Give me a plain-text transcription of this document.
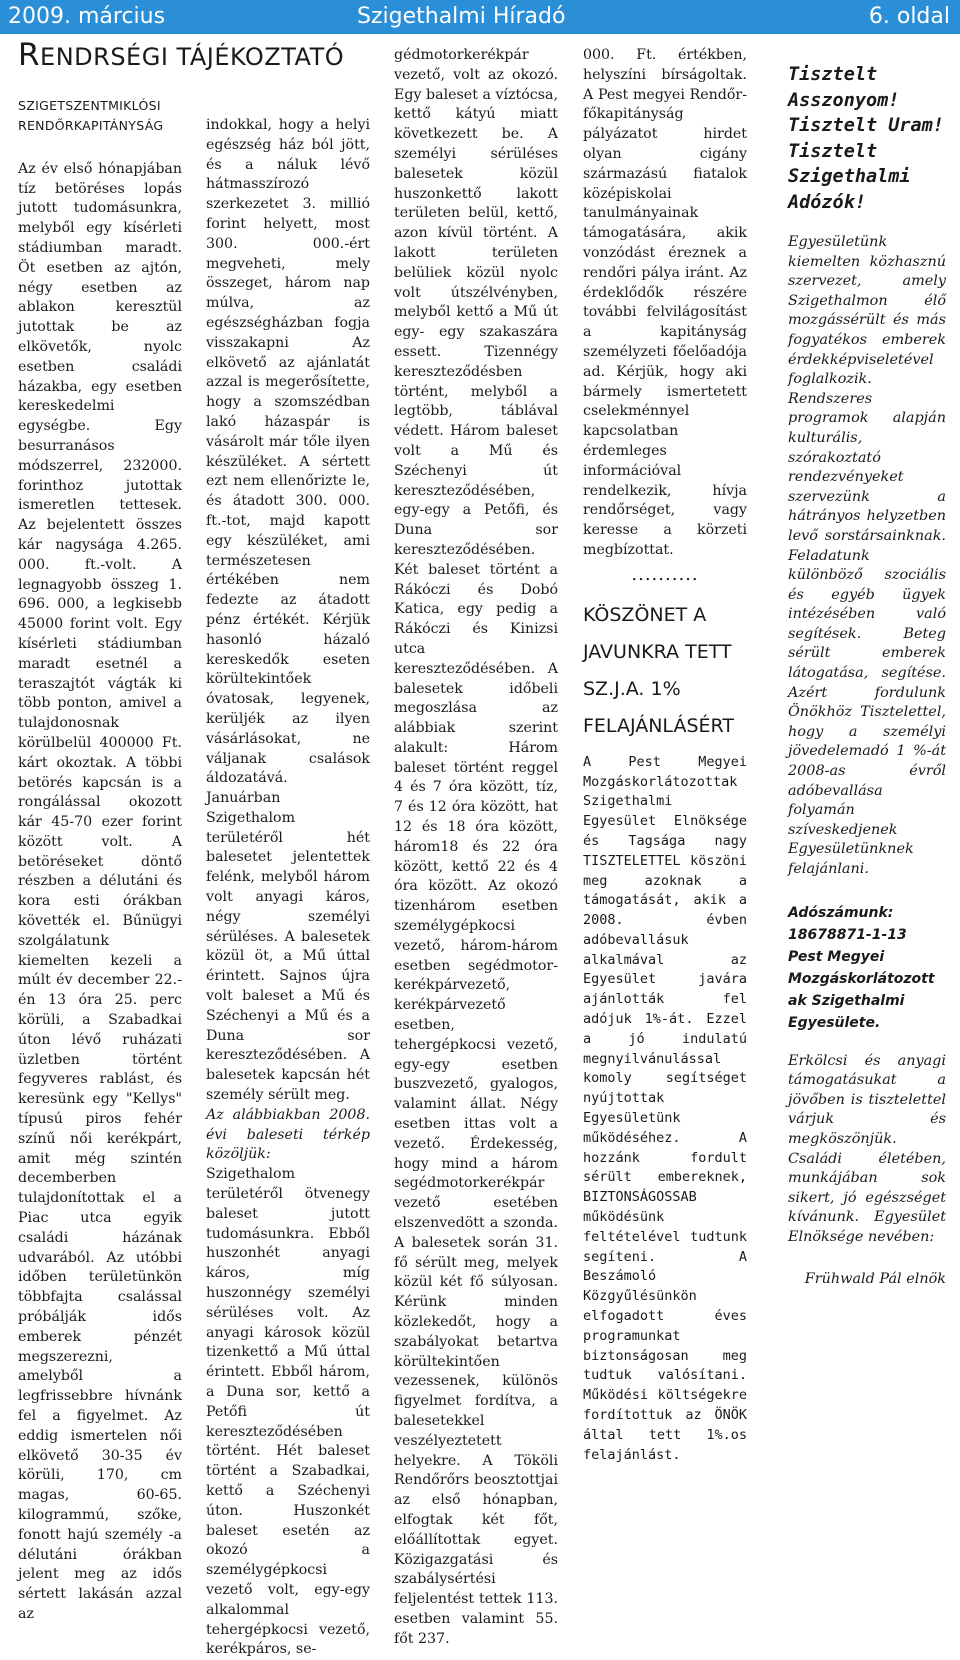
2009. március	Szigethalmi Híradó	6. oldal
RENDRSÉGI TÁJÉKOZTATÓ
SZIGETSZENTMIKLÓSI RENDŐRKAPITÁNYSÁG

Az év első hónapjában tíz betöréses lopás jutott tudomásunkra, melyből egy kísérleti stádiumban maradt. Öt esetben az ajtón, négy esetben az ablakon keresztül jutottak be az elkövetők, nyolc esetben családi házakba, egy esetben kereskedelmi egységbe. Egy besurranásos módszerrel, 232000. forinthoz jutottak ismeretlen tettesek. Az bejelentett összes kár nagysága 4.265. 000. ft.-volt. A legnagyobb összeg 1. 696. 000, a legkisebb 45000 forint volt. Egy kísérleti stádiumban maradt esetnél a teraszajtót vágták ki több ponton, amivel a tulajdonosnak körülbelül 400000 Ft. kárt okoztak. A többi betörés kapcsán is a rongálással okozott kár 45-70 ezer forint között volt. A betöréseket döntő részben a délutáni és kora esti órákban követték el. Bűnügyi szolgálatunk kiemelten kezeli a múlt év december 22.-én 13 óra 25. perc körüli, a Szabadkai úton lévő ruházati üzletben történt fegyveres rablást, és keresünk egy "Kellys" típusú piros fehér színű női kerékpárt, amit még szintén decemberben tulajdonítottak el a Piac utca egyik családi házának udvarából. Az utóbbi időben területünkön többfajta csalással próbálják idős emberek pénzét megszerezni, amelyből a legfrissebbre hívnánk fel a figyelmet. Az eddig ismertelen női elkövető 30-35 év körüli, 170, cm magas, 60-65. kilogrammú, szőke, fonott hajú személy -a délutáni órákban jelent meg az idős sértett lakásán azzal az

indokkal, hogy a helyi egészség ház ból jött, és a náluk lévő hátmasszírozó szerkezetet 3. millió forint helyett, most 300. 000.-ért megveheti, mely összeget, három nap múlva, az egészségházban fogja visszakapni Az elkövető az ajánlatát azzal is megerősítette, hogy a szomszédban lakó házaspár is vásárolt már tőle ilyen készüléket. A sértett ezt nem ellenőrizte le, és átadott 300. 000. ft.-tot, majd kapott egy készüléket, ami természetesen értékében nem fedezte az átadott pénz értékét. Kérjük hasonló házaló kereskedők eseten körültekintőek óvatosak, legyenek, kerüljék az ilyen vásárlásokat, ne váljanak csalások áldozatává.

Januárban Szigethalom területéről hét balesetet jelentettek felénk, melyből három volt anyagi káros, négy személyi sérüléses. A balesetek közül öt, a Mű úttal érintett. Sajnos újra volt baleset a Mű és Széchenyi a Mű és a Duna sor kereszteződésében. A balesetek kapcsán hét személy sérült meg.

Az alábbiakban 2008. évi baleseti térkép közöljük:

Szigethalom területéről ötvenegy baleset jutott tudomásunkra. Ebből huszonhét anyagi káros, míg huszonnégy személyi sérüléses volt. Az anyagi károsok közül tizenkettő a Mű úttal érintett. Ebből három, a Duna sor, kettő a Petőfi út kereszteződésében történt. Hét baleset történt a Szabadkai, kettő a Széchenyi úton. Huszonkét baleset esetén az okozó a személygépkocsi vezető volt, egy-egy alkalommal tehergépkocsi vezető, kerékpáros, se-

gédmotorkerékpár vezető, volt az okozó. Egy baleset a víztócsa, kettő kátyú miatt következett be. A személyi sérüléses balesetek közül huszonkettő lakott területen belül, kettő, azon kívül történt. A lakott területen belüliek közül nyolc volt útszélvényben, melyből kettő a Mű út egy- egy szakaszára essett. Tizennégy kereszteződésben történt, melyből a legtöbb, táblával védett. Három baleset volt a Mű és Széchenyi út kereszteződésében, egy-egy a Petőfi, és Duna sor kereszteződésében. Két baleset történt a Rákóczi és Dobó Katica, egy pedig a Rákóczi és Kinizsi utca kereszteződésében. A balesetek időbeli megoszlása az alábbiak szerint alakult: Három baleset történt reggel 4 és 7 óra között, tíz, 7 és 12 óra között, hat 12 és 18 óra között, három18 és 22 óra között, kettő 22 és 4 óra között. Az okozó tizenhárom esetben személygépkocsi vezető, három-három esetben segédmotor-kerékpárvezető, kerékpárvezető esetben, tehergépkocsi vezető, egy-egy esetben buszvezető, gyalogos, valamint állat. Négy esetben ittas volt a vezető. Érdekesség, hogy mind a három segédmotorkerékpár vezető esetében elszenvedött a szonda. A balesetek során 31. fő sérült meg, melyek közül két fő súlyosan. Kérünk minden közlekedőt, hogy a szabályokat betartva körültekintően vezessenek, különös figyelmet fordítva, a balesetekkel veszélyeztetett helyekre. A Tököli Rendőrőrs beosztottjai az első hónapban, elfogtak két főt, előállítottak egyet. Közigazgatási és szabálysértési feljelentést tettek 113. esetben valamint 55. főt 237.

000. Ft. értékben, helyszíni bírságoltak. A Pest megyei Rendőr-főkapitányság pályázatot hirdet olyan cigány származású fiatalok középiskolai tanulmányainak támogatására, akik vonzódást éreznek a rendőri pálya iránt. Az érdeklődők részére további felvilágosítást a kapitányság személyzeti főelőadója ad. Kérjük, hogy aki bármely ismertetett cselekménnyel kapcsolatban érdemleges információval rendelkezik, hívja rendőrséget, vagy keresse a körzeti megbízottat.

..........
KÖSZÖNET A JAVUNKRA TETT SZ.J.A. 1% FELAJÁNLÁSÉRT

A Pest Megyei Mozgáskorlátozottak Szigethalmi Egyesület Elnöksége és Tagsága nagy TISZTELETTEL köszöni meg azoknak a támogatását, akik a 2008. évben adóbevallásuk alkalmával az Egyesület javára ajánlották fel adójuk 1%-át. Ezzel a jó indulatú megnyilvánulással komoly segítséget nyújtottak Egyesületünk működéséhez. A hozzánk fordult sérült embereknek, BIZTONSÁGOSSAB működésünk feltételével tudtunk segíteni. A Beszámoló Közgyűlésünkön elfogadott éves programunkat biztonságosan meg tudtuk valósítani. Működési költségekre fordítottuk az ÖNÖK által tett 1%.os felajánlást.

Tisztelt Asszonyom! Tisztelt Uram! Tisztelt Szigethalmi Adózók!

Egyesületünk kiemelten közhasznú szervezet, amely Szigethalmon élő mozgássérült és más fogyatékos emberek érdekképviseletével foglalkozik. Rendszeres programok alapján kulturális, szórakoztató rendezvényeket szervezünk a hátrányos helyzetben levő sorstársainknak. Feladatunk különböző szociális és egyéb ügyek intézésében való segítések. Beteg sérült emberek látogatása, segítése. Azért fordulunk Önökhöz Tisztelettel, hogy a személyi jövedelemadó 1 %-át 2008-as évről adóbevallása folyamán szíveskedjenek Egyesületünknek felajánlani.

Adószámunk:
18678871-1-13
Pest Megyei Mozgáskorlátozott ak Szigethalmi Egyesülete.

Erkölcsi és anyagi támogatásukat a jövőben is tisztelettel várjuk és megköszönjük. Családi életében, munkájában sok sikert, jó egészséget kívánunk. Egyesület Elnöksége nevében:

Frühwald Pál elnök
